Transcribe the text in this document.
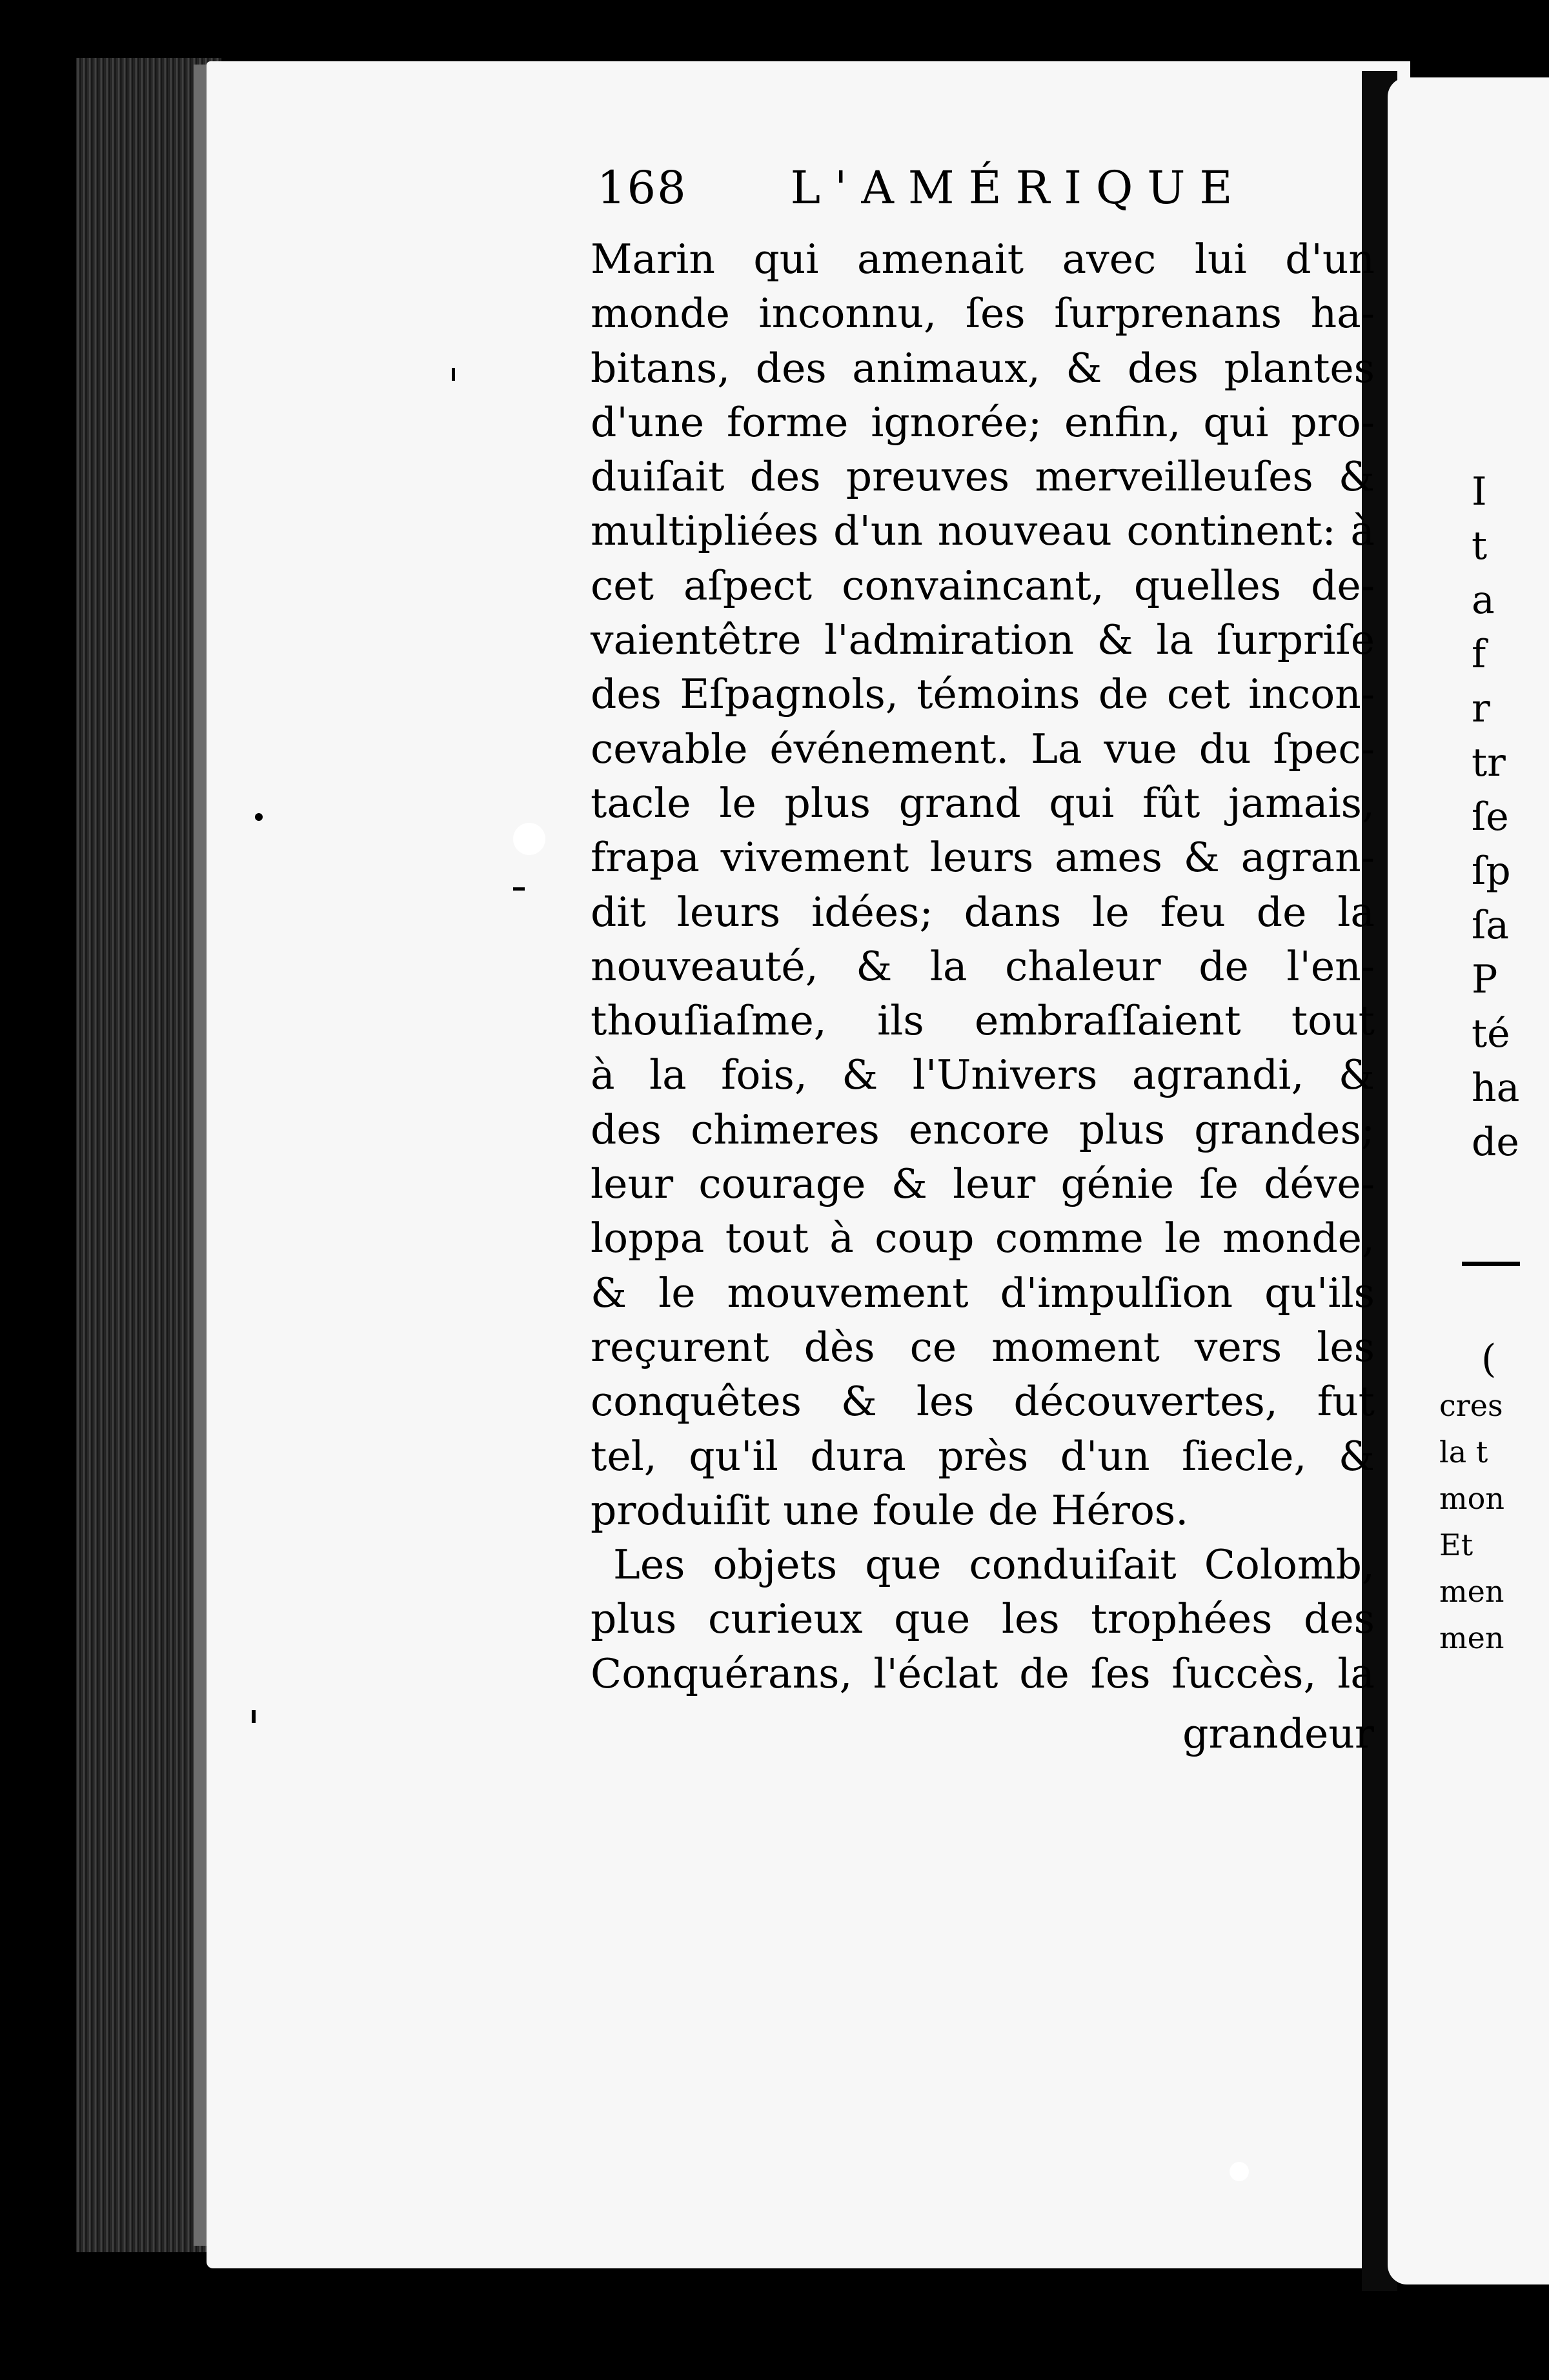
168 L'AMÉRIQUE
Marin qui amenait avec lui d'un
monde inconnu, ſes ſurprenans ha-
bitans, des animaux, & des plantes
d'une forme ignorée; enfin, qui pro-
duiſait des preuves merveilleuſes &
multipliées d'un nouveau continent: à
cet aſpect convaincant, quelles de-
vaientêtre l'admiration & la ſurpriſe
des Eſpagnols, témoins de cet incon-
cevable événement. La vue du ſpec-
tacle le plus grand qui fût jamais,
frapa vivement leurs ames & agran-
dit leurs idées; dans le feu de la
nouveauté, & la chaleur de l'en-
thouſiaſme, ils embraſſaient tout
à la fois, & l'Univers agrandi, &
des chimeres encore plus grandes;
leur courage & leur génie ſe déve-
loppa tout à coup comme le monde,
& le mouvement d'impulſion qu'ils
reçurent dès ce moment vers les
conquêtes & les découvertes, fut
tel, qu'il dura près d'un ſiecle, &
produiſit une foule de Héros.
Les objets que conduiſait Colomb,
plus curieux que les trophées des
Conquérans, l'éclat de ſes ſuccès, la
grandeur
I
t
a
f
r
tr
ſe
ſp
ſa
P
té
ha
de
(
cres
la t
mon
Et
men
men
